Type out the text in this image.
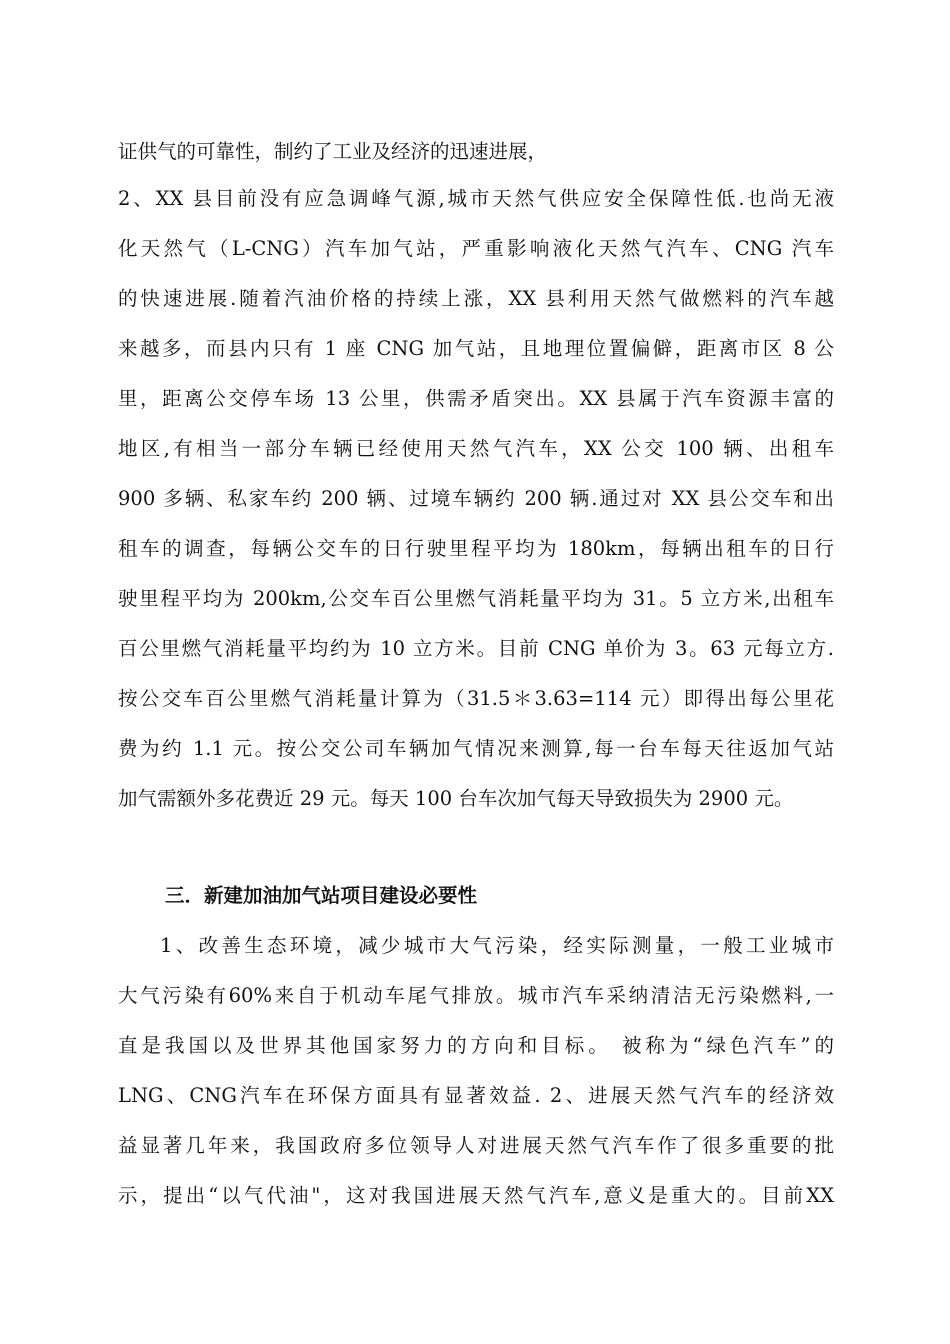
证供气的可靠性，制约了工业及经济的迅速进展，
2、XX 县目前没有应急调峰气源,城市天然气供应安全保障性低.也尚无液
化天然气（L-CNG）汽车加气站，严重影响液化天然气汽车、CNG 汽车
的快速进展.随着汽油价格的持续上涨，XX 县利用天然气做燃料的汽车越
来越多，而县内只有 1 座 CNG 加气站，且地理位置偏僻，距离市区 8 公
里，距离公交停车场 13 公里，供需矛盾突出。XX 县属于汽车资源丰富的
地区,有相当一部分车辆已经使用天然气汽车，XX 公交 100 辆、出租车
900 多辆、私家车约 200 辆、过境车辆约 200 辆.通过对 XX 县公交车和出
租车的调查，每辆公交车的日行驶里程平均为 180km，每辆出租车的日行
驶里程平均为 200km,公交车百公里燃气消耗量平均为 31。5 立方米,出租车
百公里燃气消耗量平均约为 10 立方米。目前 CNG 单价为 3。63 元每立方.
按公交车百公里燃气消耗量计算为（31.5＊3.63=114 元）即得出每公里花
费为约 1.1 元。按公交公司车辆加气情况来测算,每一台车每天往返加气站
加气需额外多花费近 29 元。每天 100 台车次加气每天导致损失为 2900 元。
三．新建加油加气站项目建设必要性
1、改善生态环境，减少城市大气污染，经实际测量，一般工业城市
大气污染有60%来自于机动车尾气排放。城市汽车采纳清洁无污染燃料,一
直是我国以及世界其他国家努力的方向和目标。 被称为“绿色汽车”的
LNG、CNG汽车在环保方面具有显著效益. 2、进展天然气汽车的经济效
益显著几年来，我国政府多位领导人对进展天然气汽车作了很多重要的批
示，提出“以气代油"，这对我国进展天然气汽车,意义是重大的。目前XX
